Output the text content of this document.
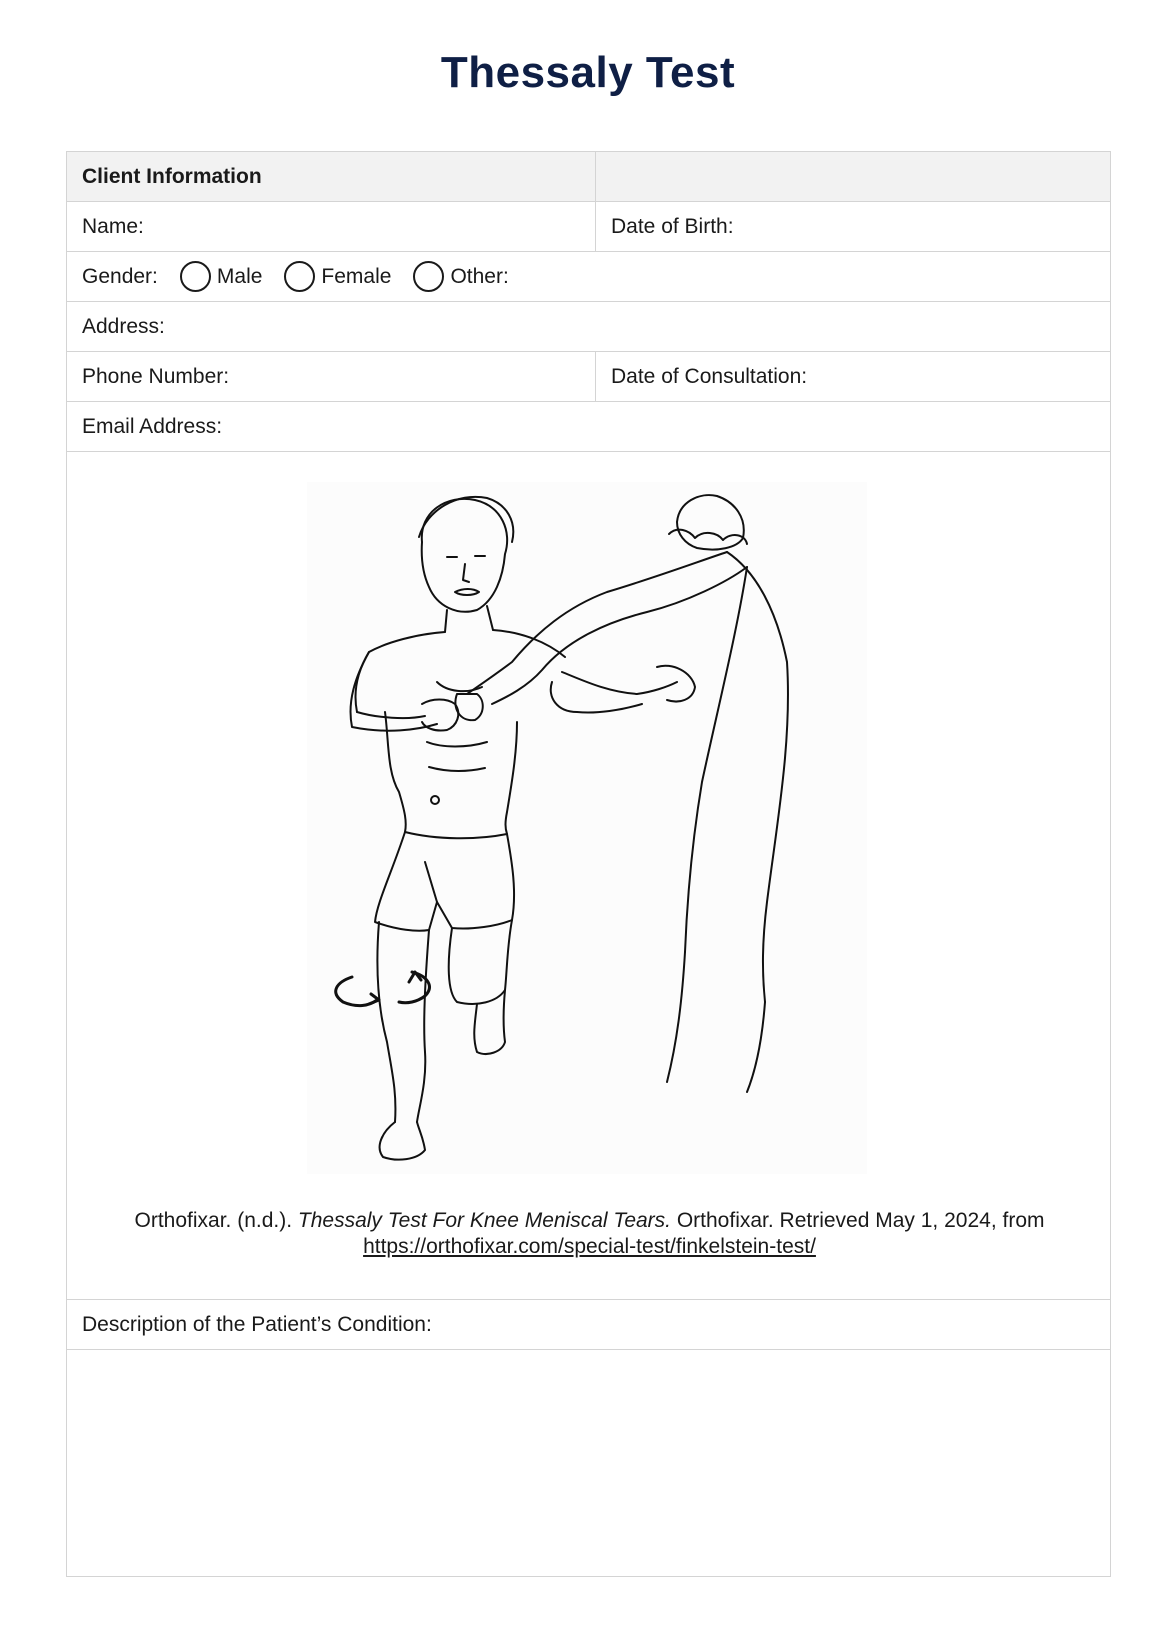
Thessaly Test
Client Information
Name:	Date of Birth:
Gender:	Male	Female	Other:
Address:
Phone Number:	Date of Consultation:
Email Address:
Orthofixar. (n.d.). Thessaly Test For Knee Meniscal Tears. Orthofixar. Retrieved May 1, 2024, from
https://orthofixar.com/special-test/finkelstein-test/
Description of the Patient’s Condition:
